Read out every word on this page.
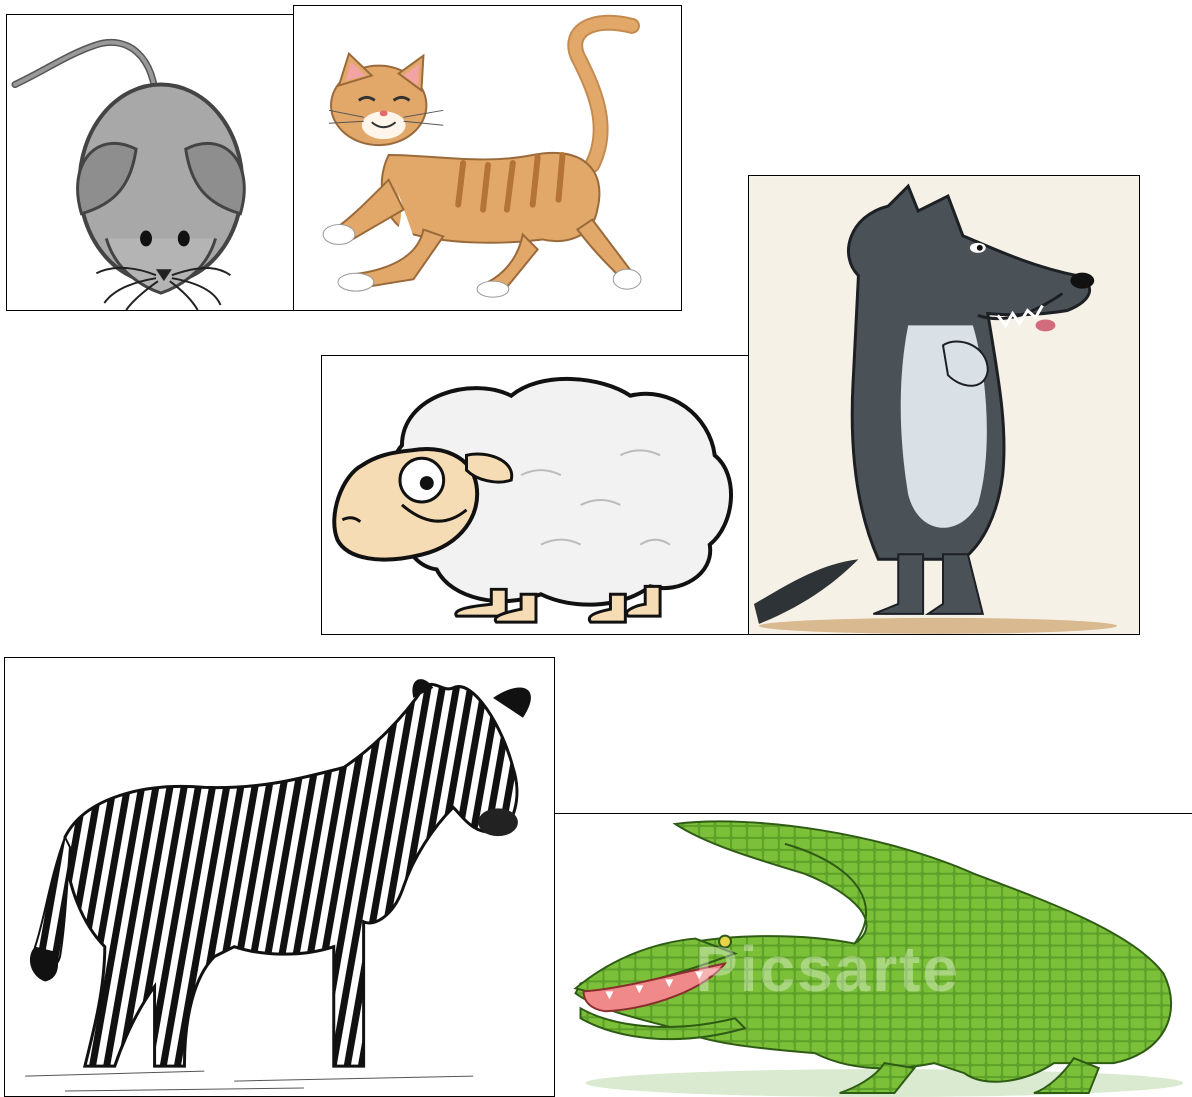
Picsarte
